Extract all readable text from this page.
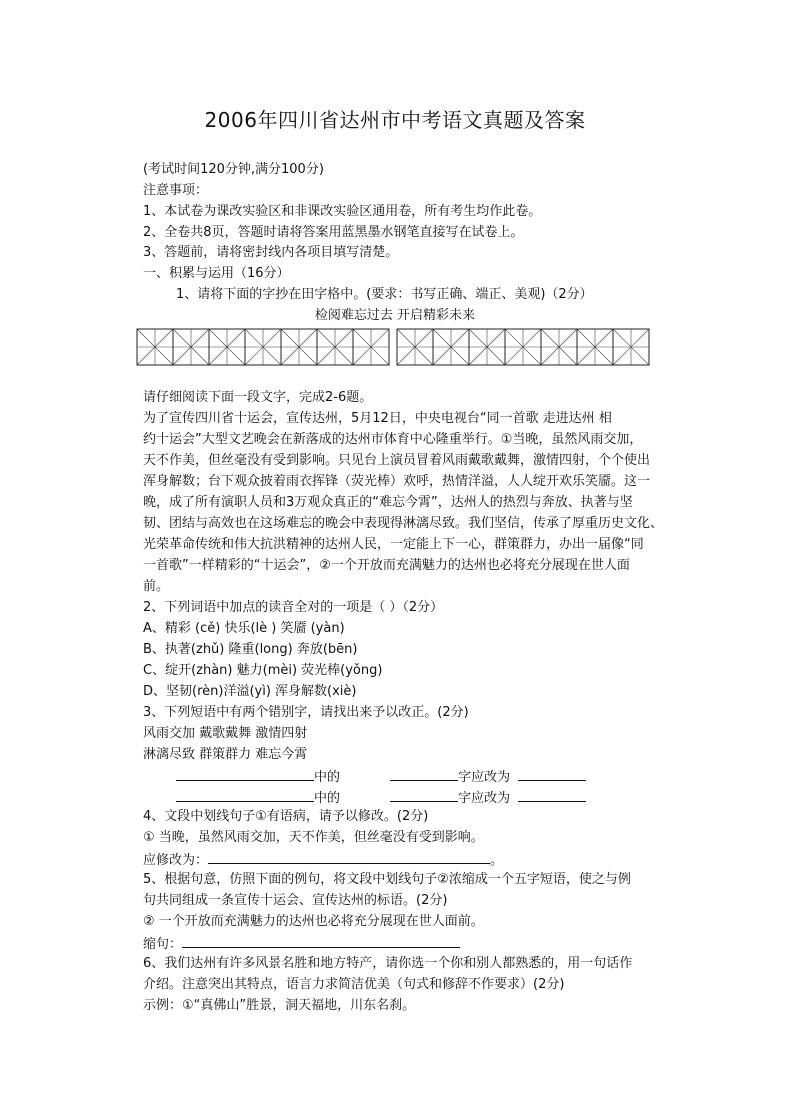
2006年四川省达州市中考语文真题及答案
(考试时间120分钟,满分100分)
注意事项：
1、本试卷为课改实验区和非课改实验区通用卷，所有考生均作此卷。
2、全卷共8页，答题时请将答案用蓝黑墨水钢笔直接写在试卷上。
3、答题前，请将密封线内各项目填写清楚。
一、积累与运用（16分）
1、请将下面的字抄在田字格中。(要求：书写正确、端正、美观)（2分）
检阅难忘过去 开启精彩未来
请仔细阅读下面一段文字，完成2-6题。
为了宣传四川省十运会，宣传达州，5月12日，中央电视台“同一首歌 走进达州 相
约十运会”大型文艺晚会在新落成的达州市体育中心隆重举行。①当晚，虽然风雨交加，
天不作美，但丝毫没有受到影响。只见台上演员冒着风雨戴歌戴舞，激情四射，个个使出
浑身解数；台下观众披着雨衣挥锋（荧光棒）欢呼，热情洋溢，人人绽开欢乐笑靥。这一
晚，成了所有演职人员和3万观众真正的“难忘今霄”，达州人的热烈与奔放、执著与坚
韧、团结与高效也在这场难忘的晚会中表现得淋漓尽致。我们坚信，传承了厚重历史文化、
光荣革命传统和伟大抗洪精神的达州人民，一定能上下一心，群策群力，办出一届像“同
一首歌”一样精彩的“十运会”，②一个开放而充满魅力的达州也必将充分展现在世人面
前。
2、下列词语中加点的读音全对的一项是（ ）（2分）
A、精彩 (cě) 快乐(lè ) 笑靥 (yàn)
B、执著(zhǔ) 隆重(long) 奔放(bēn)
C、绽开(zhàn) 魅力(mèi) 荧光棒(yǒng)
D、坚韧(rèn)洋溢(yì) 浑身解数(xiè)
3、下列短语中有两个错别字，请找出来予以改正。(2分)
风雨交加 戴歌戴舞 激情四射
淋漓尽致 群策群力 难忘今霄
中的	字应改为
中的	字应改为
4、文段中划线句子①有语病，请予以修改。(2分)
① 当晚，虽然风雨交加，天不作美，但丝毫没有受到影响。
应修改为：	。
5、根据句意，仿照下面的例句，将文段中划线句子②浓缩成一个五字短语，使之与例
句共同组成一条宣传十运会、宣传达州的标语。(2分)
② 一个开放而充满魅力的达州也必将充分展现在世人面前。
缩句：
6、我们达州有许多风景名胜和地方特产，请你选一个你和别人都熟悉的，用一句话作
介绍。注意突出其特点，语言力求简洁优美（句式和修辞不作要求）(2分)
示例：①“真佛山”胜景，洞天福地，川东名刹。
